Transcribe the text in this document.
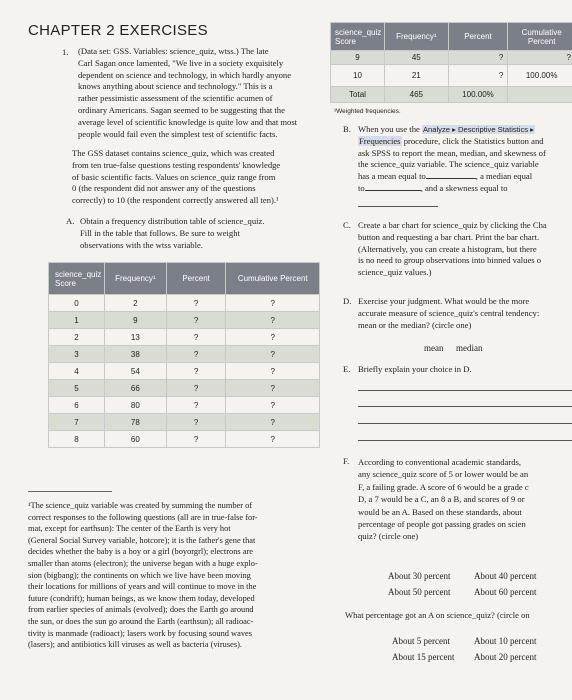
CHAPTER 2 EXERCISES
1. (Data set: GSS. Variables: science_quiz, wtss.) The late
Carl Sagan once lamented, "We live in a society exquisitely
dependent on science and technology, in which hardly anyone
knows anything about science and technology." This is a
rather pessimistic assessment of the scientific acumen of
ordinary Americans. Sagan seemed to be suggesting that the
average level of scientific knowledge is quite low and that most
people would fail even the simplest test of scientific facts.
The GSS dataset contains science_quiz, which was created
from ten true-false questions testing respondents' knowledge
of basic scientific facts. Values on science_quiz range from
0 (the respondent did not answer any of the questions
correctly) to 10 (the respondent correctly answered all ten).¹
A. Obtain a frequency distribution table of science_quiz.
Fill in the table that follows. Be sure to weight
observations with the wtss variable.
science_quiz Score	Frequency¹	Percent	Cumulative Percent
0	2	?	?
1	9	?	?
2	13	?	?
3	38	?	?
4	54	?	?
5	66	?	?
6	80	?	?
7	78	?	?
8	60	?	?
¹The science_quiz variable was created by summing the number of
correct responses to the following questions (all are in true-false for-
mat, except for earthsun): The center of the Earth is very hot
(General Social Survey variable, hotcore); it is the father's gene that
decides whether the baby is a boy or a girl (boyorgrl); electrons are
smaller than atoms (electron); the universe began with a huge explo-
sion (bigbang); the continents on which we live have been moving
their locations for millions of years and will continue to move in the
future (condrift); human beings, as we know them today, developed
from earlier species of animals (evolved); does the Earth go around
the sun, or does the sun go around the Earth (earthsun); all radioac-
tivity is manmade (radioact); lasers work by focusing sound waves
(lasers); and antibiotics kill viruses as well as bacteria (viruses).
science_quiz Score	Frequency¹	Percent	Cumulative Percent
9	45	?	?
10	21	?	100.00%
Total	465	100.00%	
¹Weighted frequencies.
B. When you use the Analyze ▸ Descriptive Statistics ▸
Frequencies procedure, click the Statistics button and
ask SPSS to report the mean, median, and skewness of
the science_quiz variable. The science_quiz variable
has a mean equal to	, a median equal
to	, and a skewness equal to
C. Create a bar chart for science_quiz by clicking the Cha
button and requesting a bar chart. Print the bar chart.
(Alternatively, you can create a histogram, but there
is no need to group observations into binned values o
science_quiz values.)
D. Exercise your judgment. What would be the more
accurate measure of science_quiz's central tendency:
mean or the median? (circle one)
mean median
E. Briefly explain your choice in D.
F. According to conventional academic standards,
any science_quiz score of 5 or lower would be an
F, a failing grade. A score of 6 would be a grade c
D, a 7 would be a C, an 8 a B, and scores of 9 or
would be an A. Based on these standards, about
percentage of people got passing grades on scien
quiz? (circle one)
About 30 percent	About 40 percent
About 50 percent	About 60 percent
What percentage got an A on science_quiz? (circle on
About 5 percent	About 10 percent
About 15 percent About 20 percent
